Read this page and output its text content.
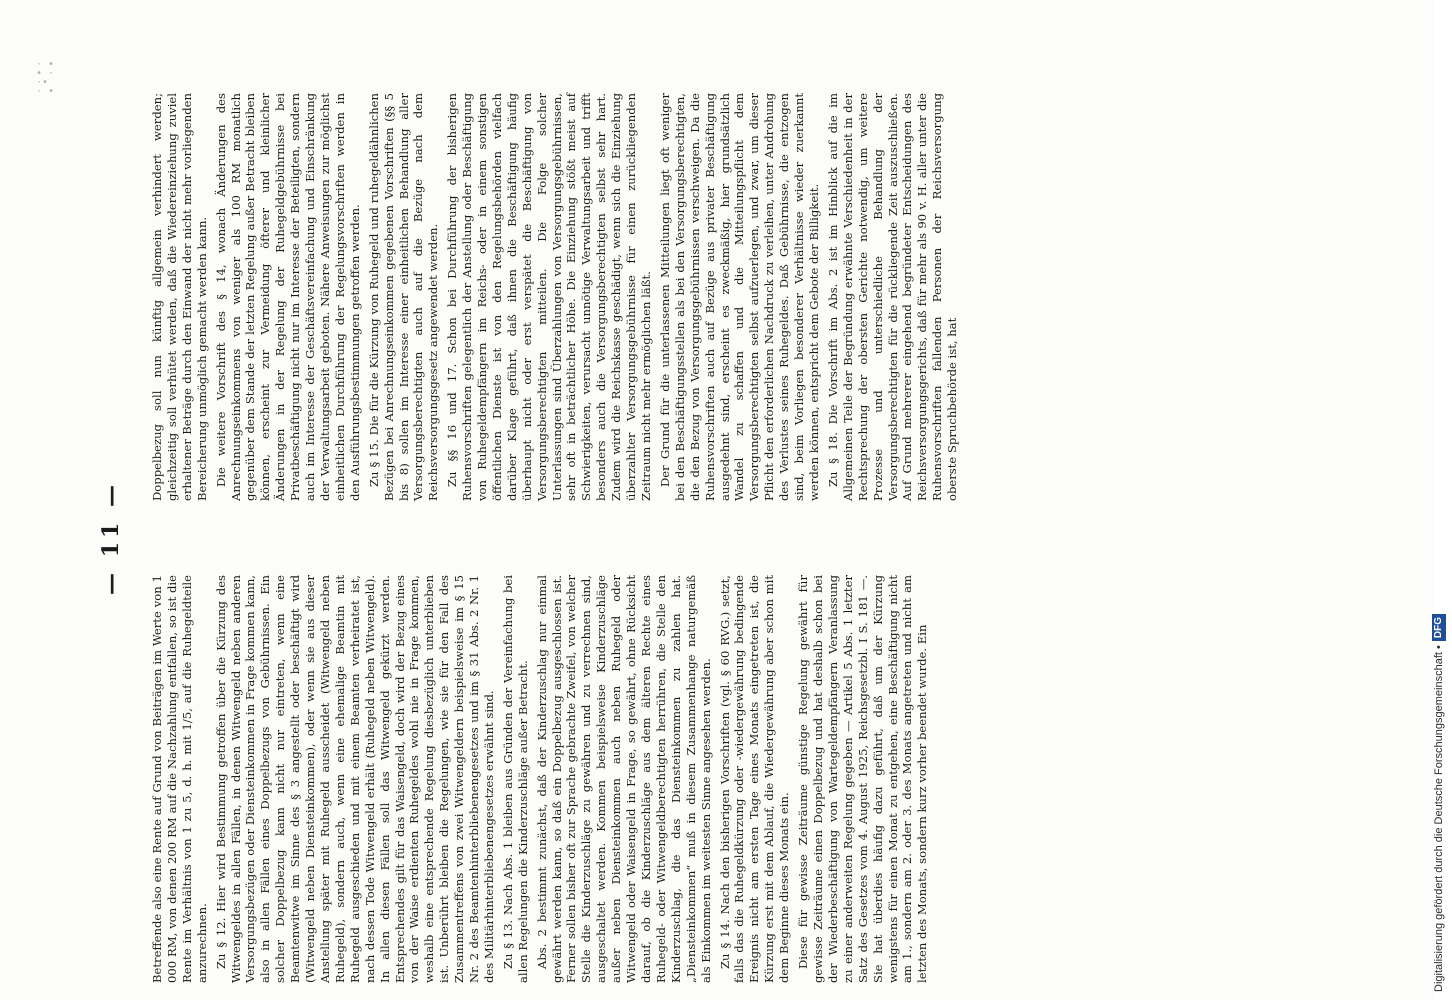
· ∙
∙ ·
·∙
· ∙
— 11 —

Betreffende also eine Rente auf Grund von Beiträgen im Werte von 1 000 RM, von denen 200 RM auf die Nachzahlung entfallen, so ist die Rente im Verhältnis von 1 zu 5, d. h. mit 1/5, auf die Ruhegeldteile anzurechnen. Zu § 12. Hier wird Bestimmung getroffen über die Kürzung des Witwengeldes in allen Fällen, in denen Witwengeld neben anderen Versorgungsbezügen oder Diensteinkommen in Frage kommen kann, also in allen Fällen eines Doppelbezugs von Gebührnissen. Ein solcher Doppelbezug kann nicht nur eintreten, wenn eine Beamtenwitwe im Sinne des § 3 angestellt oder beschäftigt wird (Witwengeld neben Diensteinkommen), oder wenn sie aus dieser Anstellung später mit Ruhegeld ausscheidet (Witwengeld neben Ruhegeld), sondern auch, wenn eine ehemalige Beamtin mit Ruhegeld ausgeschieden und mit einem Beamten verheiratet ist, nach dessen Tode Witwengeld erhält (Ruhegeld neben Witwengeld). In allen diesen Fällen soll das Witwengeld gekürzt werden. Entsprechendes gilt für das Waisengeld, doch wird der Bezug eines von der Waise erdienten Ruhegeldes wohl nie in Frage kommen, weshalb eine entsprechende Regelung diesbezüglich unterblieben ist. Unberührt bleiben die Regelungen, wie sie für den Fall des Zusammentreffens von zwei Witwengeldern beispielsweise im § 15 Nr. 2 des Beamtenhinterbliebenengesetzes und im § 31 Abs. 2 Nr. 1 des Militärhinterbliebenengesetzes erwähnt sind. Zu § 13. Nach Abs. 1 bleiben aus Gründen der Vereinfachung bei allen Regelungen die Kinderzuschläge außer Betracht. Abs. 2 bestimmt zunächst, daß der Kinderzuschlag nur einmal gewährt werden kann, so daß ein Doppelbezug ausgeschlossen ist. Ferner sollen bisher oft zur Sprache gebrachte Zweifel, von welcher Stelle die Kinderzuschläge zu gewähren und zu verrechnen sind, ausgeschaltet werden. Kommen beispielsweise Kinderzuschläge außer neben Diensteinkommen auch neben Ruhegeld oder Witwengeld oder Waisengeld in Frage, so gewährt, ohne Rücksicht darauf, ob die Kinderzuschläge aus dem älteren Rechte eines Ruhegeld- oder Witwengeldberechtigten herrühren, die Stelle den Kinderzuschlag, die das Diensteinkommen zu zahlen hat. „Diensteinkommen“ muß in diesem Zusammenhange naturgemäß als Einkommen im weitesten Sinne angesehen werden. Zu § 14. Nach den bisherigen Vorschriften (vgl. § 60 RVG.) setzt, falls das die Ruhegeldkürzung oder -wiedergewährung bedingende Ereignis nicht am ersten Tage eines Monats eingetreten ist, die Kürzung erst mit dem Ablauf, die Wiedergewährung aber schon mit dem Beginne dieses Monats ein. Diese für gewisse Zeiträume günstige Regelung gewährt für gewisse Zeiträume einen Doppelbezug und hat deshalb schon bei der Wiederbeschäftigung von Wartegeldempfängern Veranlassung zu einer anderweiten Regelung gegeben — Artikel 5 Abs. 1 letzter Satz des Gesetzes vom 4. August 1925, Reichsgesetzbl. I S. 181 —. Sie hat überdies häufig dazu geführt, daß um der Kürzung wenigstens für einen Monat zu entgehen, eine Beschäftigung nicht am 1., sondern am 2. oder 3. des Monats angetreten und nicht am letzten des Monats, sondern kurz vorher beendet wurde. Ein

Doppelbezug soll nun künftig allgemein verhindert werden; gleichzeitig soll verhütet werden, daß die Wiedereinziehung zuviel erhaltener Beträge durch den Einwand der nicht mehr vorliegenden Bereicherung unmöglich gemacht werden kann. Die weitere Vorschrift des § 14, wonach Änderungen des Anrechnungseinkommens von weniger als 100 RM monatlich gegenüber dem Stande der letzten Regelung außer Betracht bleiben können, erscheint zur Vermeidung öfterer und kleinlicher Änderungen in der Regelung der Ruhegeldgebührnisse bei Privatbeschäftigung nicht nur im Interesse der Beteiligten, sondern auch im Interesse der Geschäftsvereinfachung und Einschränkung der Verwaltungsarbeit geboten. Nähere Anweisungen zur möglichst einheitlichen Durchführung der Regelungsvorschriften werden in den Ausführungsbestimmungen getroffen werden. Zu § 15. Die für die Kürzung von Ruhegeld und ruhegeldähnlichen Bezügen bei Anrechnungseinkommen gegebenen Vorschriften (§§ 5 bis 8) sollen im Interesse einer einheitlichen Behandlung aller Versorgungsberechtigten auch auf die Bezüge nach dem Reichsversorgungsgesetz angewendet werden. Zu §§ 16 und 17. Schon bei Durchführung der bisherigen Ruhensvorschriften gelegentlich der Anstellung oder Beschäftigung von Ruhegeldempfängern im Reichs- oder in einem sonstigen öffentlichen Dienste ist von den Regelungsbehörden vielfach darüber Klage geführt, daß ihnen die Beschäftigung häufig überhaupt nicht oder erst verspätet die Beschäftigung von Versorgungsberechtigten mitteilen. Die Folge solcher Unterlassungen sind Überzahlungen von Versorgungsgebührnissen, sehr oft in beträchtlicher Höhe. Die Einziehung stößt meist auf Schwierigkeiten, verursacht unnötige Verwaltungsarbeit und trifft besonders auch die Versorgungsberechtigten selbst sehr hart. Zudem wird die Reichskasse geschädigt, wenn sich die Einziehung überzahlter Versorgungsgebührnisse für einen zurückliegenden Zeitraum nicht mehr ermöglichen läßt. Der Grund für die unterlassenen Mitteilungen liegt oft weniger bei den Beschäftigungsstellen als bei den Versorgungsberechtigten, die den Bezug von Versorgungsgebührnissen verschweigen. Da die Ruhensvorschriften auch auf Bezüge aus privater Beschäftigung ausgedehnt sind, erscheint es zweckmäßig, hier grundsätzlich Wandel zu schaffen und die Mitteilungspflicht dem Versorgungsberechtigten selbst aufzuerlegen, und zwar, um dieser Pflicht den erforderlichen Nachdruck zu verleihen, unter Androhung des Verlustes seines Ruhegeldes. Daß Gebührnisse, die entzogen sind, beim Vorliegen besonderer Verhältnisse wieder zuerkannt werden können, entspricht dem Gebote der Billigkeit. Zu § 18. Die Vorschrift im Abs. 2 ist im Hinblick auf die im Allgemeinen Teile der Begründung erwähnte Verschiedenheit in der Rechtsprechung der obersten Gerichte notwendig, um weitere Prozesse und unterschiedliche Behandlung der Versorgungsberechtigten für die rückliegende Zeit auszuschließen. Auf Grund mehrerer eingehend begründeter Entscheidungen des Reichsversorgungsgerichts, daß für mehr als 90 v. H. aller unter die Ruhensvorschriften fallenden Personen der Reichsversorgung oberste Spruchbehörde ist, hat

Digitalisierung gefördert durch die Deutsche Forschungsgemeinschaft •DFG
